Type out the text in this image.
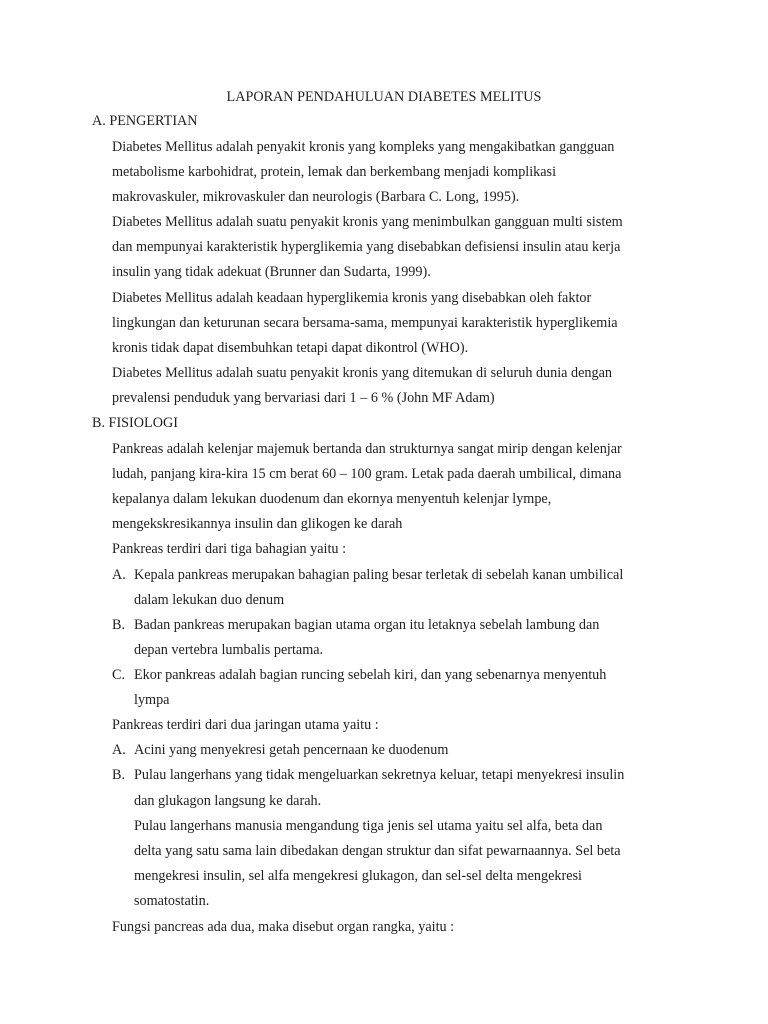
LAPORAN PENDAHULUAN DIABETES MELITUS
A. PENGERTIAN
Diabetes Mellitus adalah penyakit kronis yang kompleks yang mengakibatkan gangguan
metabolisme karbohidrat, protein, lemak dan berkembang menjadi komplikasi
makrovaskuler, mikrovaskuler dan neurologis (Barbara C. Long, 1995).
Diabetes Mellitus adalah suatu penyakit kronis yang menimbulkan gangguan multi sistem
dan mempunyai karakteristik hyperglikemia yang disebabkan defisiensi insulin atau kerja
insulin yang tidak adekuat (Brunner dan Sudarta, 1999).
Diabetes Mellitus adalah keadaan hyperglikemia kronis yang disebabkan oleh faktor
lingkungan dan keturunan secara bersama-sama, mempunyai karakteristik hyperglikemia
kronis tidak dapat disembuhkan tetapi dapat dikontrol (WHO).
Diabetes Mellitus adalah suatu penyakit kronis yang ditemukan di seluruh dunia dengan
prevalensi penduduk yang bervariasi dari 1 – 6 % (John MF Adam)
B. FISIOLOGI
Pankreas adalah kelenjar majemuk bertanda dan strukturnya sangat mirip dengan kelenjar
ludah, panjang kira-kira 15 cm berat 60 – 100 gram. Letak pada daerah umbilical, dimana
kepalanya dalam lekukan duodenum dan ekornya menyentuh kelenjar lympe,
mengekskresikannya insulin dan glikogen ke darah
Pankreas terdiri dari tiga bahagian yaitu :
A. Kepala pankreas merupakan bahagian paling besar terletak di sebelah kanan umbilical
dalam lekukan duo denum
B. Badan pankreas merupakan bagian utama organ itu letaknya sebelah lambung dan
depan vertebra lumbalis pertama.
C. Ekor pankreas adalah bagian runcing sebelah kiri, dan yang sebenarnya menyentuh
lympa
Pankreas terdiri dari dua jaringan utama yaitu :
A. Acini yang menyekresi getah pencernaan ke duodenum
B. Pulau langerhans yang tidak mengeluarkan sekretnya keluar, tetapi menyekresi insulin
dan glukagon langsung ke darah.
Pulau langerhans manusia mengandung tiga jenis sel utama yaitu sel alfa, beta dan
delta yang satu sama lain dibedakan dengan struktur dan sifat pewarnaannya. Sel beta
mengekresi insulin, sel alfa mengekresi glukagon, dan sel-sel delta mengekresi
somatostatin.
Fungsi pancreas ada dua, maka disebut organ rangka, yaitu :
